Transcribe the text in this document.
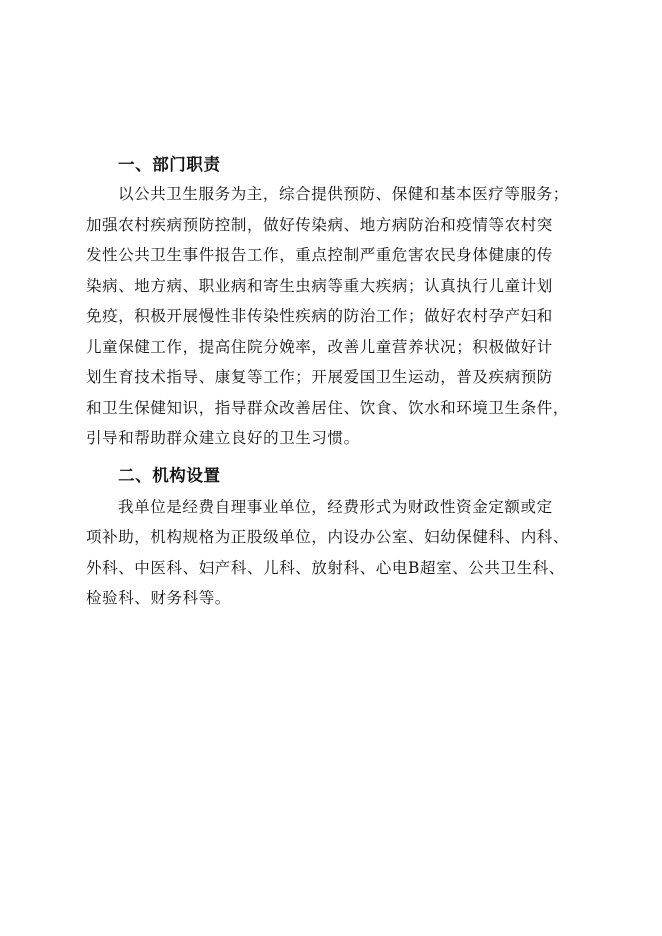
一、部门职责

以公共卫生服务为主，综合提供预防、保健和基本医疗等服务；
加强农村疾病预防控制，做好传染病、地方病防治和疫情等农村突
发性公共卫生事件报告工作，重点控制严重危害农民身体健康的传
染病、地方病、职业病和寄生虫病等重大疾病；认真执行儿童计划
免疫，积极开展慢性非传染性疾病的防治工作；做好农村孕产妇和
儿童保健工作，提高住院分娩率，改善儿童营养状况；积极做好计
划生育技术指导、康复等工作；开展爱国卫生运动，普及疾病预防
和卫生保健知识，指导群众改善居住、饮食、饮水和环境卫生条件，
引导和帮助群众建立良好的卫生习惯。

二、机构设置

我单位是经费自理事业单位，经费形式为财政性资金定额或定
项补助，机构规格为正股级单位，内设办公室、妇幼保健科、内科、
外科、中医科、妇产科、儿科、放射科、心电B超室、公共卫生科、
检验科、财务科等。
